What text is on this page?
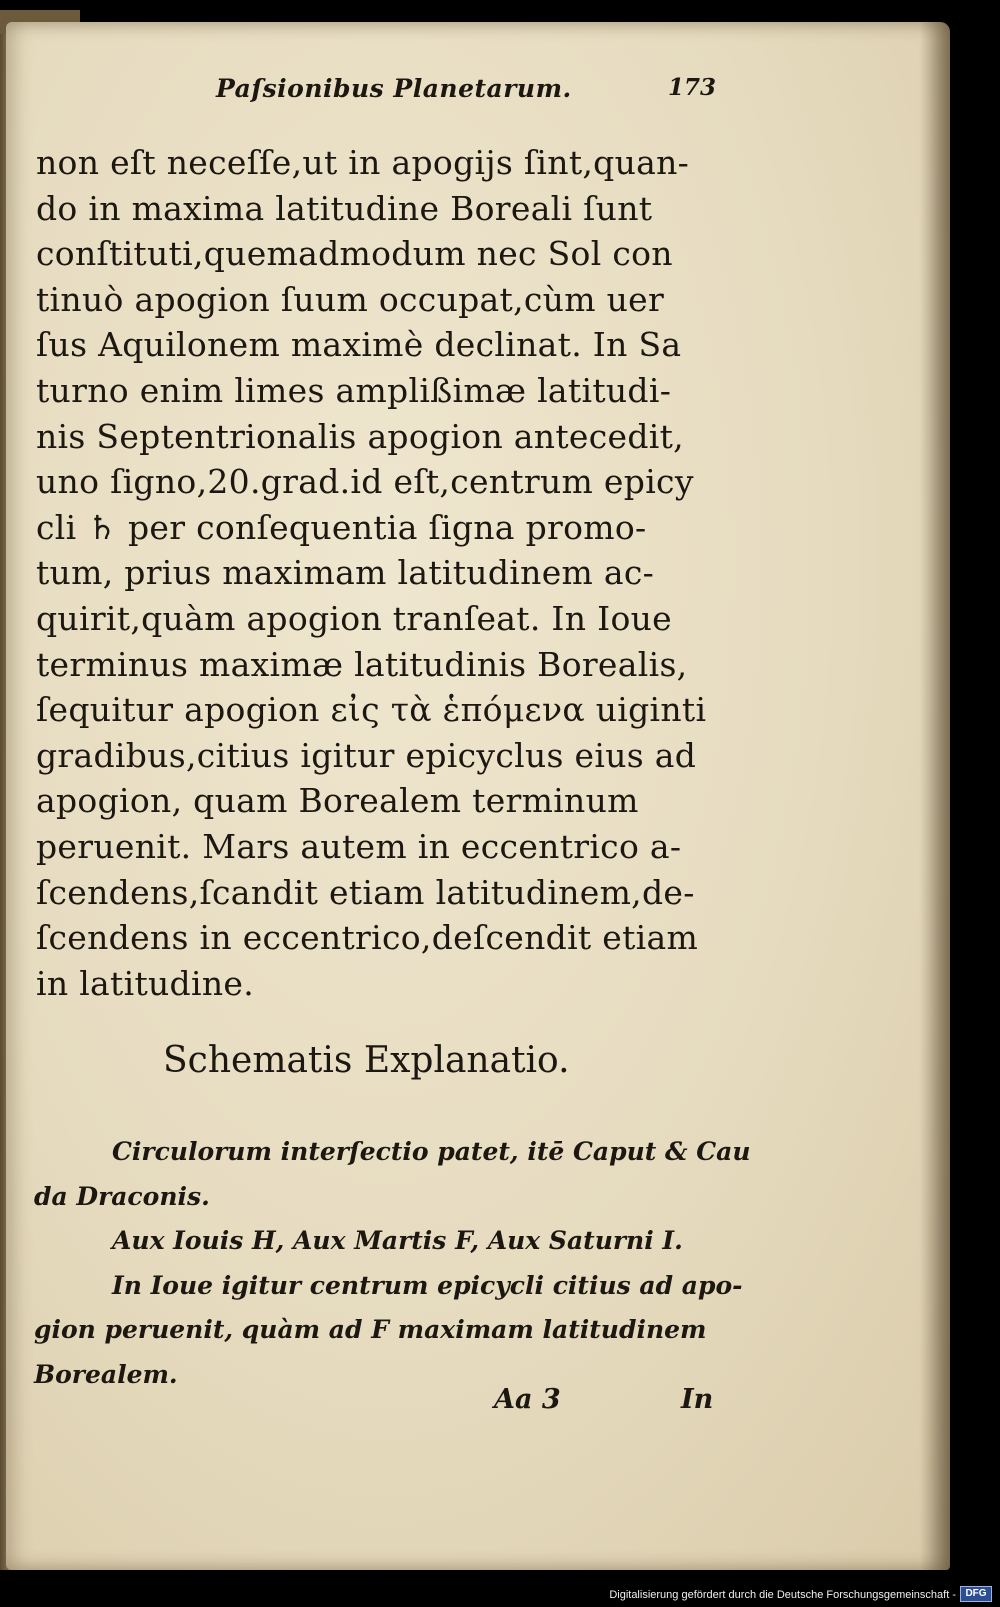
Paſsionibus Planetarum.	173
non eſt neceſſe,ut in apogijs ſint,quan-
do in maxima latitudine Boreali ſunt
conſtituti,quemadmodum nec Sol con
tinuò apogion ſuum occupat,cùm uer
ſus Aquilonem maximè declinat. In Sa
turno enim limes amplißimæ latitudi-
nis Septentrionalis apogion antecedit,
uno ſigno,20.grad.id eſt,centrum epicy
cli ♄ per conſequentia ſigna promo-
tum, prius maximam latitudinem ac-
quirit,quàm apogion tranſeat. In Ioue
terminus maximæ latitudinis Borealis,
ſequitur apogion εἰς τὰ ἑπόμενα uiginti
gradibus,citius igitur epicyclus eius ad
apogion, quam Borealem terminum
peruenit. Mars autem in eccentrico a-
ſcendens,ſcandit etiam latitudinem,de-
ſcendens in eccentrico,deſcendit etiam
in latitudine.
Schematis Explanatio.
Circulorum interſectio patet, itē Caput & Cau
da Draconis.
Aux Iouis H, Aux Martis F, Aux Saturni I.
In Ioue igitur centrum epicycli citius ad apo-
gion peruenit, quàm ad F maximam latitudinem
Borealem.
Aa 3	In
Digitalisierung gefördert durch die Deutsche Forschungsgemeinschaft - DFG
